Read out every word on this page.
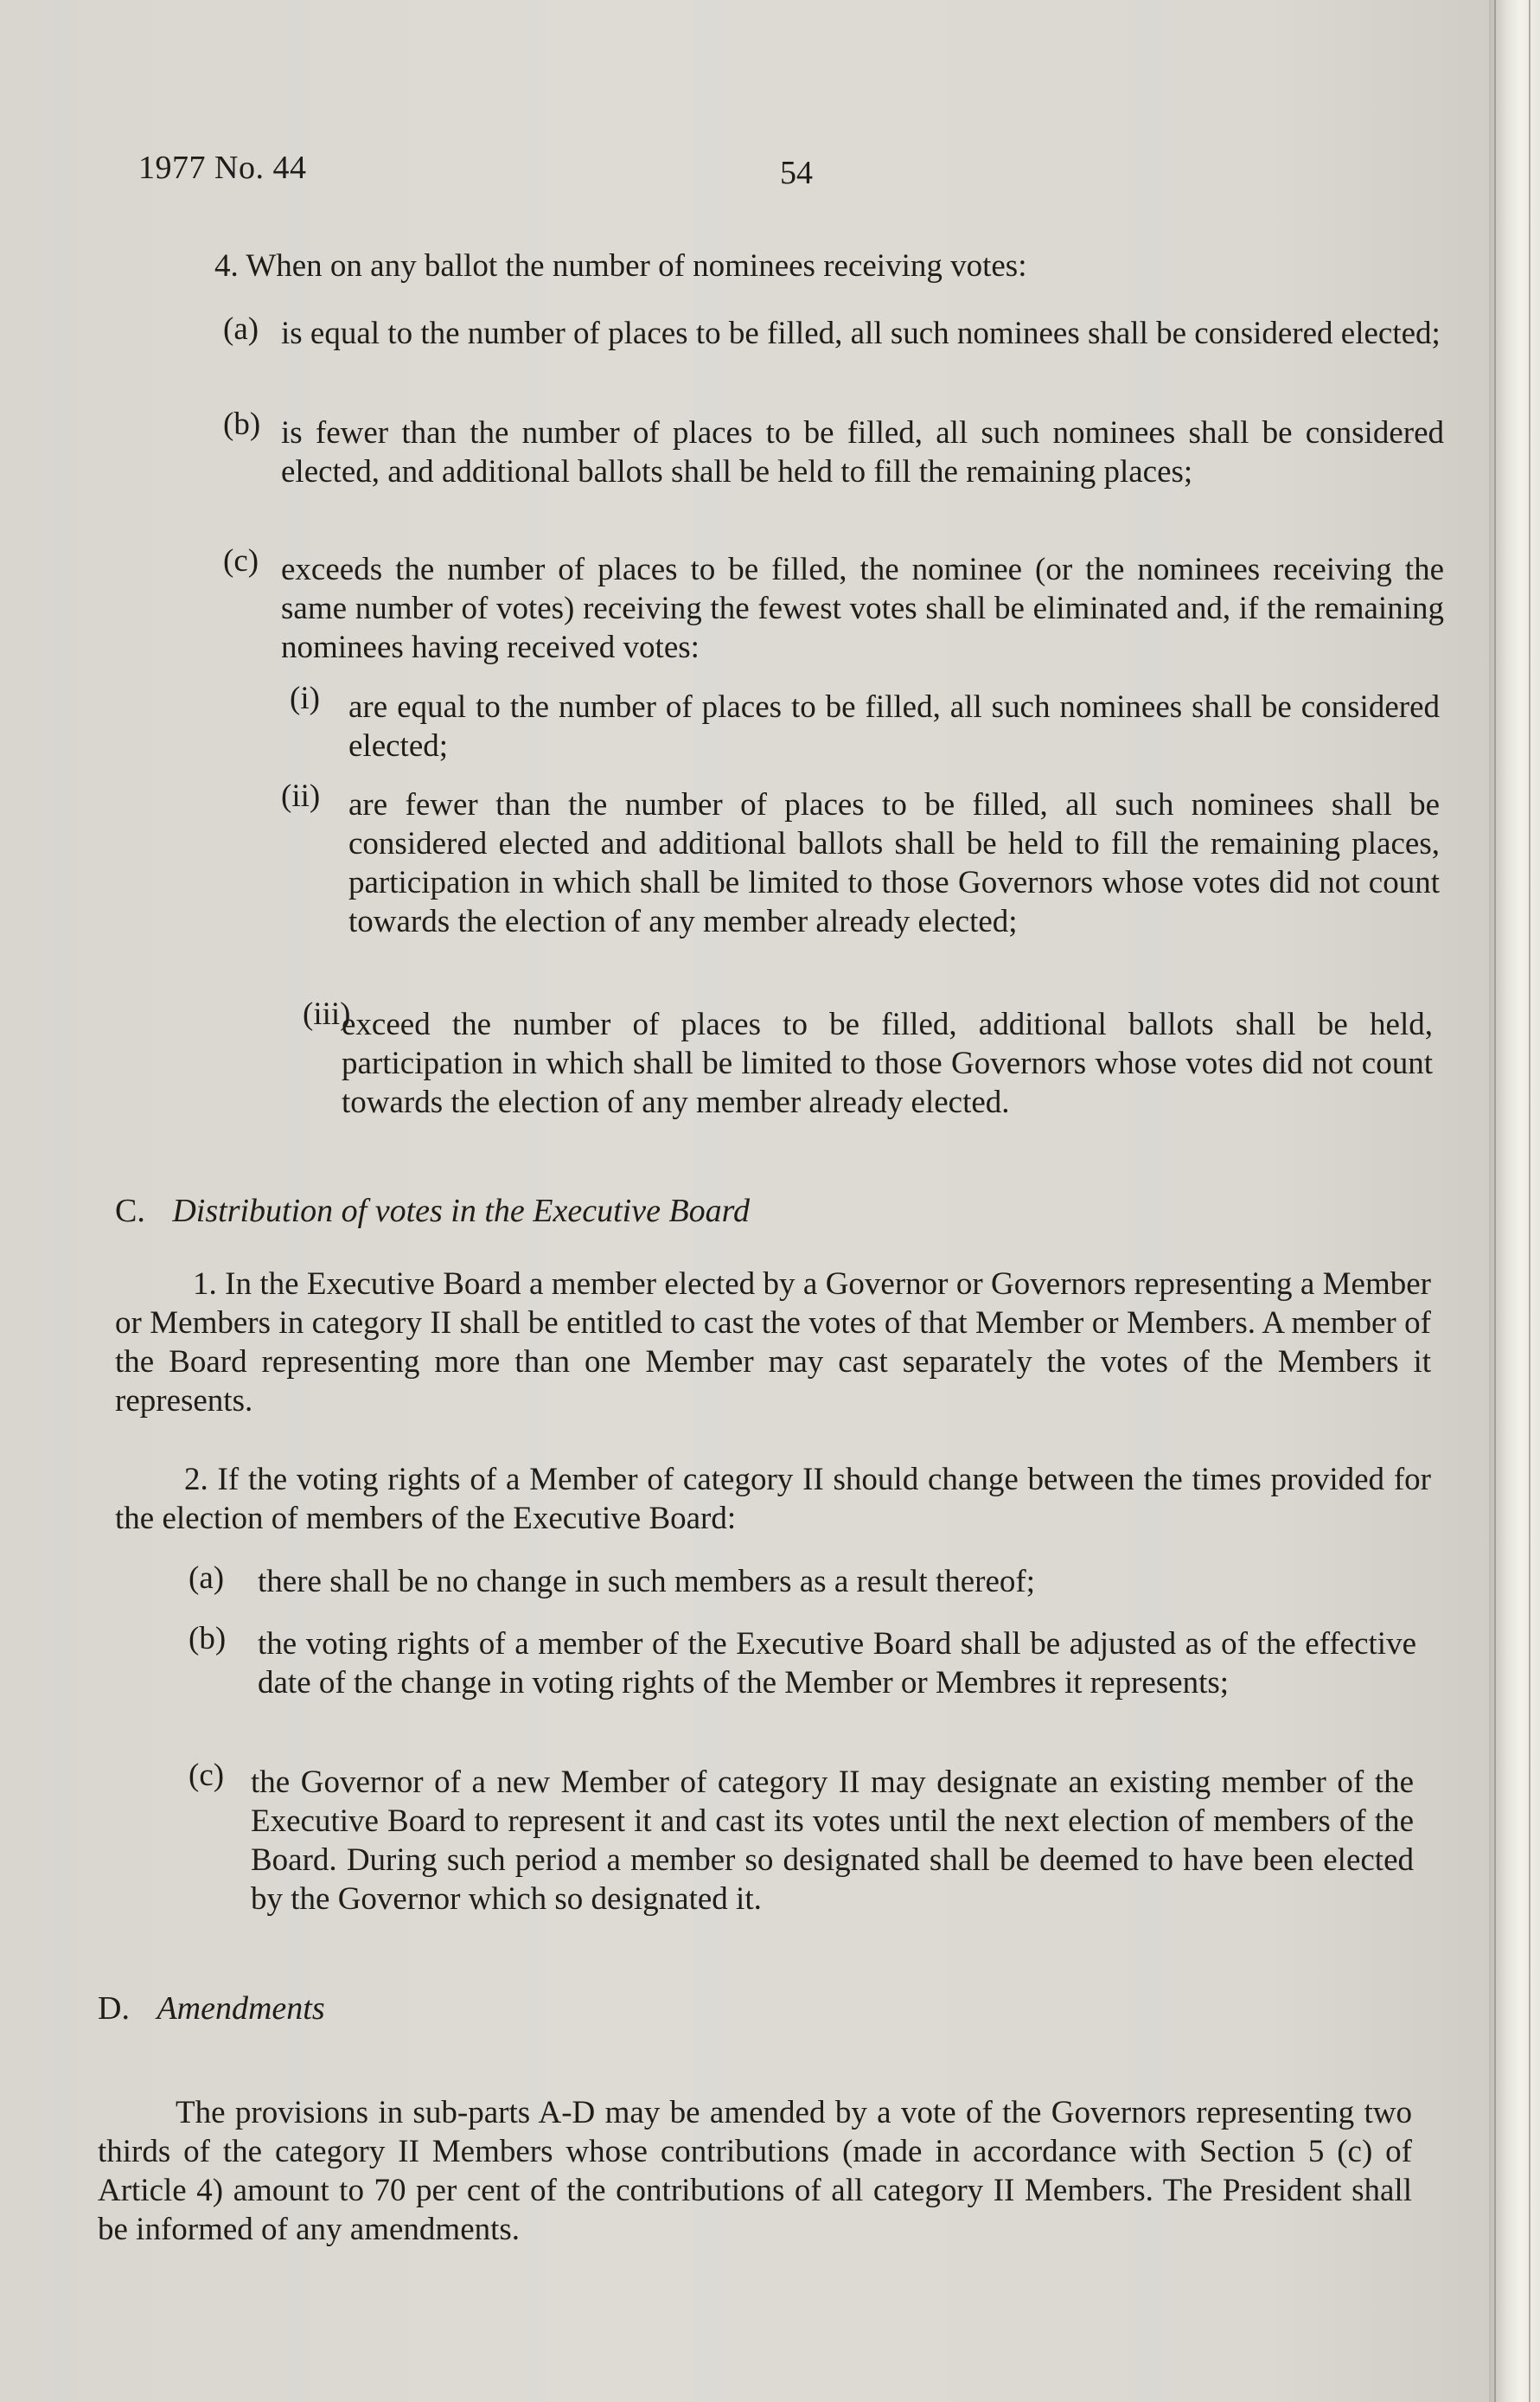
1977 No. 44	54
4. When on any ballot the number of nominees receiving votes:
(a) is equal to the number of places to be filled, all such nominees shall be considered elected;
(b) is fewer than the number of places to be filled, all such nominees shall be considered elected, and additional ballots shall be held to fill the remaining places;
(c) exceeds the number of places to be filled, the nominee (or the nominees receiving the same number of votes) receiving the fewest votes shall be eliminated and, if the remaining nominees having received votes:
(i) are equal to the number of places to be filled, all such nominees shall be considered elected;
(ii) are fewer than the number of places to be filled, all such nominees shall be considered elected and additional ballots shall be held to fill the remaining places, participation in which shall be limited to those Governors whose votes did not count towards the election of any member already elected;
(iii)
exceed the number of places to be filled, additional ballots shall be held, participation in which shall be limited to those Governors whose votes did not count towards the election of any member already elected.
C. Distribution of votes in the Executive Board
1. In the Executive Board a member elected by a Governor or Governors representing a Member or Members in category II shall be entitled to cast the votes of that Member or Members. A member of the Board representing more than one Member may cast separately the votes of the Members it represents.
2. If the voting rights of a Member of category II should change between the times provided for the election of members of the Executive Board:
(a) there shall be no change in such members as a result thereof;
(b) the voting rights of a member of the Executive Board shall be adjusted as of the effective date of the change in voting rights of the Member or Membres it represents;
(c) the Governor of a new Member of category II may designate an existing member of the Executive Board to represent it and cast its votes until the next election of members of the Board. During such period a member so designated shall be deemed to have been elected by the Governor which so designated it.
D. Amendments
The provisions in sub-parts A-D may be amended by a vote of the Governors representing two thirds of the category II Members whose contributions (made in accordance with Section 5 (c) of Article 4) amount to 70 per cent of the contributions of all category II Members. The President shall be informed of any amendments.
